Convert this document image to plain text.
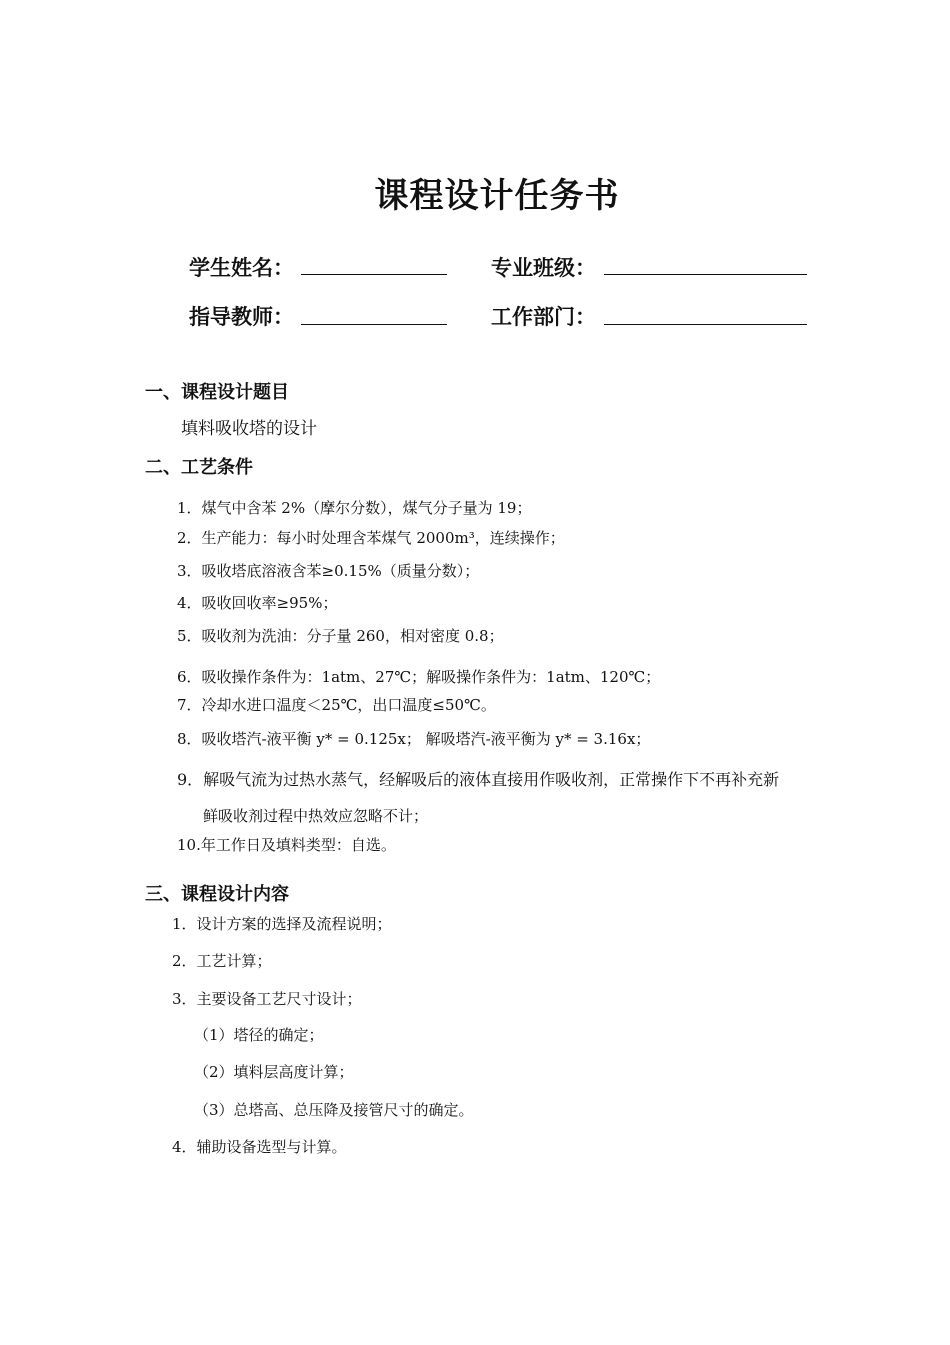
课程设计任务书
学生姓名：	专业班级：
指导教师：	工作部门：
一、课程设计题目
填料吸收塔的设计
二、工艺条件
1．煤气中含苯 2%（摩尔分数），煤气分子量为 19；
2．生产能力：每小时处理含苯煤气 2000m³，连续操作；
3．吸收塔底溶液含苯≥0.15%（质量分数）；
4．吸收回收率≥95%；
5．吸收剂为洗油：分子量 260，相对密度 0.8；
6．吸收操作条件为：1atm、27℃；解吸操作条件为：1atm、120℃；
7．冷却水进口温度＜25℃，出口温度≤50℃。
8．吸收塔汽-液平衡 y* = 0.125x； 解吸塔汽-液平衡为 y* = 3.16x；
9．解吸气流为过热水蒸气，经解吸后的液体直接用作吸收剂，正常操作下不再补充新
鲜吸收剂过程中热效应忽略不计；
10.年工作日及填料类型：自选。
三、课程设计内容
1．设计方案的选择及流程说明；
2．工艺计算；
3．主要设备工艺尺寸设计；
（1）塔径的确定；
（2）填料层高度计算；
（3）总塔高、总压降及接管尺寸的确定。
4．辅助设备选型与计算。
